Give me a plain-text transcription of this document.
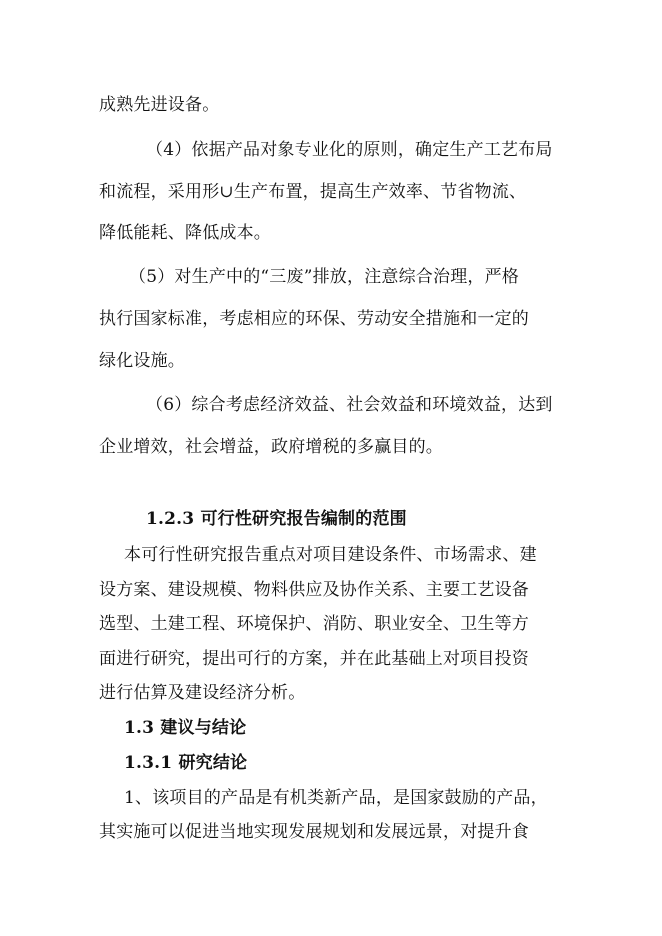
成熟先进设备。
（4）依据产品对象专业化的原则，确定生产工艺布局
和流程，采用形∪生产布置，提高生产效率、节省物流、
降低能耗、降低成本。
（5）对生产中的“三废”排放，注意综合治理，严格
执行国家标准，考虑相应的环保、劳动安全措施和一定的
绿化设施。
（6）综合考虑经济效益、社会效益和环境效益，达到
企业增效，社会增益，政府增税的多赢目的。
1.2.3 可行性研究报告编制的范围
本可行性研究报告重点对项目建设条件、市场需求、建
设方案、建设规模、物料供应及协作关系、主要工艺设备
选型、土建工程、环境保护、消防、职业安全、卫生等方
面进行研究，提出可行的方案，并在此基础上对项目投资
进行估算及建设经济分析。
1.3 建议与结论
1.3.1 研究结论
1、该项目的产品是有机类新产品，是国家鼓励的产品，
其实施可以促进当地实现发展规划和发展远景，对提升食
